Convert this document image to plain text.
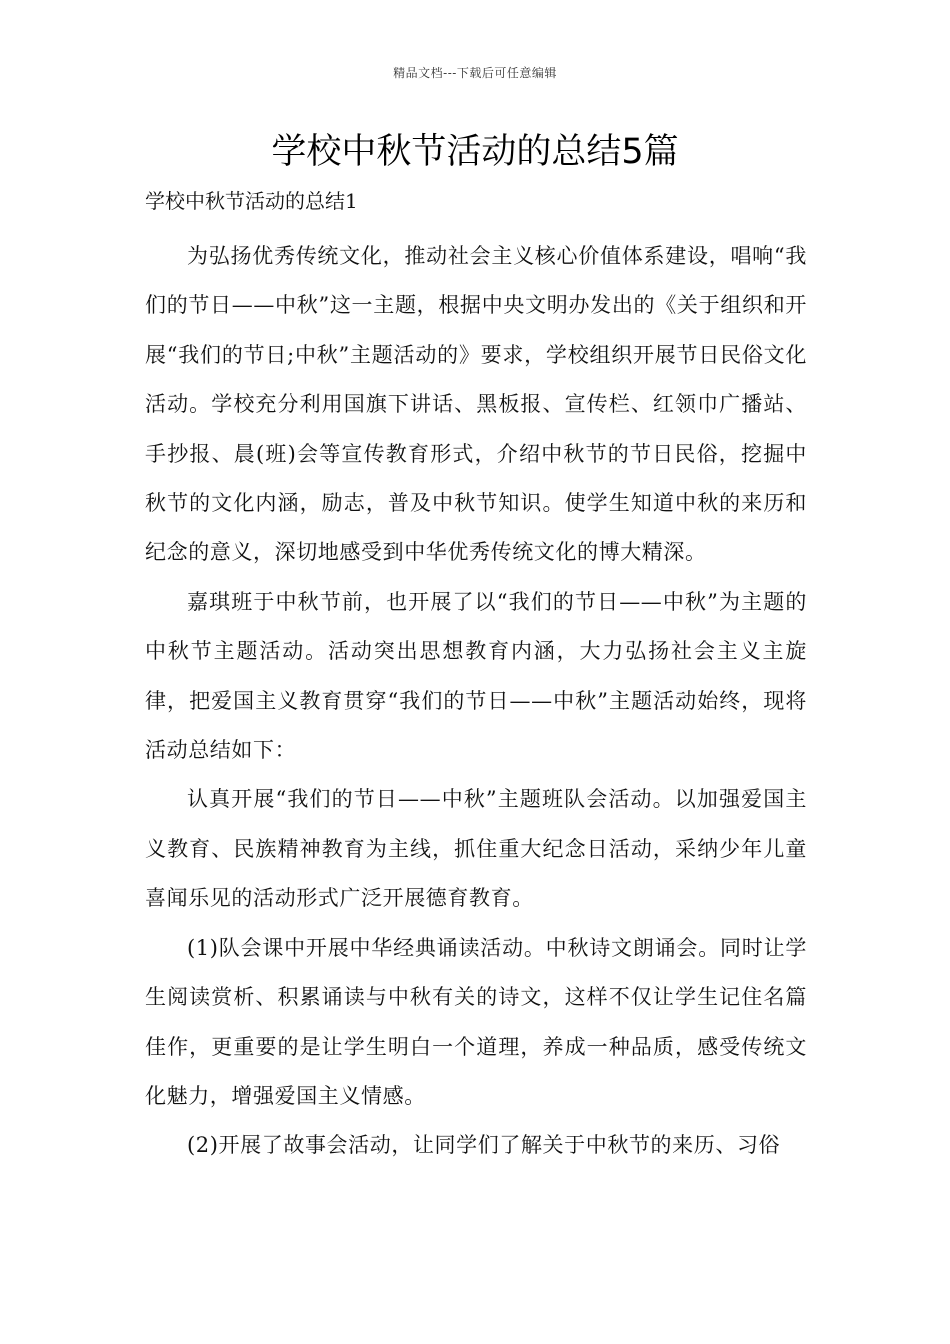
精品文档---下载后可任意编辑
学校中秋节活动的总结5篇

学校中秋节活动的总结1

为弘扬优秀传统文化，推动社会主义核心价值体系建设，唱响“我们的节日——中秋”这一主题，根据中央文明办发出的《关于组织和开展“我们的节日;中秋”主题活动的》要求，学校组织开展节日民俗文化活动。学校充分利用国旗下讲话、黑板报、宣传栏、红领巾广播站、手抄报、晨(班)会等宣传教育形式，介绍中秋节的节日民俗，挖掘中秋节的文化内涵，励志，普及中秋节知识。使学生知道中秋的来历和纪念的意义，深切地感受到中华优秀传统文化的博大精深。

嘉琪班于中秋节前，也开展了以“我们的节日——中秋”为主题的中秋节主题活动。活动突出思想教育内涵，大力弘扬社会主义主旋律，把爱国主义教育贯穿“我们的节日——中秋”主题活动始终，现将活动总结如下：

认真开展“我们的节日——中秋”主题班队会活动。以加强爱国主义教育、民族精神教育为主线，抓住重大纪念日活动，采纳少年儿童喜闻乐见的活动形式广泛开展德育教育。

(1)队会课中开展中华经典诵读活动。中秋诗文朗诵会。同时让学生阅读赏析、积累诵读与中秋有关的诗文，这样不仅让学生记住名篇佳作，更重要的是让学生明白一个道理，养成一种品质，感受传统文化魅力，增强爱国主义情感。

(2)开展了故事会活动，让同学们了解关于中秋节的来历、习俗
